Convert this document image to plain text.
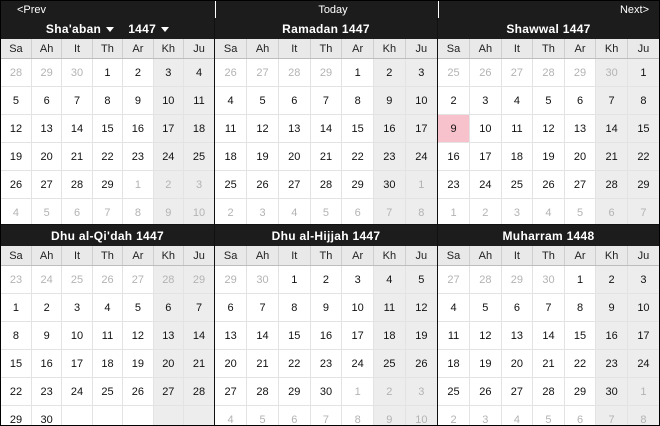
<Prev	Today	Next>
Sha'aban 1447
Sa	Ah	It	Th	Ar	Kh	Ju
28	29	30	1	2	3	4
5	6	7	8	9	10	11
12	13	14	15	16	17	18
19	20	21	22	23	24	25
26	27	28	29	1	2	3
4	5	6	7	8	9	10
Ramadan 1447
Sa	Ah	It	Th	Ar	Kh	Ju
26	27	28	29	1	2	3
4	5	6	7	8	9	10
11	12	13	14	15	16	17
18	19	20	21	22	23	24
25	26	27	28	29	30	1
2	3	4	5	6	7	8
Shawwal 1447
Sa	Ah	It	Th	Ar	Kh	Ju
25	26	27	28	29	30	1
2	3	4	5	6	7	8
9	10	11	12	13	14	15
16	17	18	19	20	21	22
23	24	25	26	27	28	29
1	2	3	4	5	6	7
Dhu al-Qi'dah 1447
Sa	Ah	It	Th	Ar	Kh	Ju
23	24	25	26	27	28	29
1	2	3	4	5	6	7
8	9	10	11	12	13	14
15	16	17	18	19	20	21
22	23	24	25	26	27	28
29	30					
Dhu al-Hijjah 1447
Sa	Ah	It	Th	Ar	Kh	Ju
29	30	1	2	3	4	5
6	7	8	9	10	11	12
13	14	15	16	17	18	19
20	21	22	23	24	25	26
27	28	29	30	1	2	3
4	5	6	7	8	9	10
Muharram 1448
Sa	Ah	It	Th	Ar	Kh	Ju
27	28	29	30	1	2	3
4	5	6	7	8	9	10
11	12	13	14	15	16	17
18	19	20	21	22	23	24
25	26	27	28	29	30	1
2	3	4	5	6	7	8
